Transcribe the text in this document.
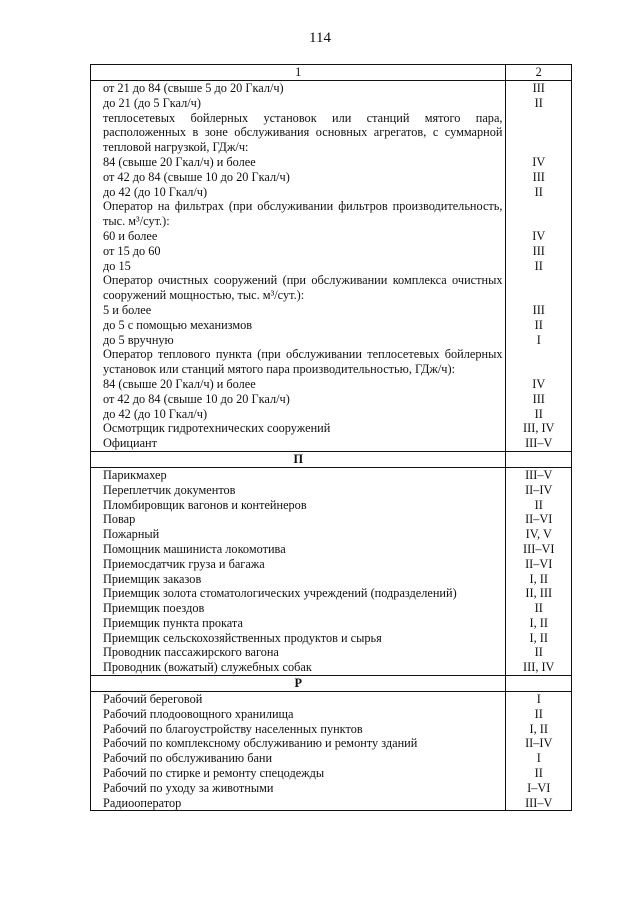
114
1	2
от 21 до 84 (свыше 5 до 20 Гкал/ч)	III
до 21 (до 5 Гкал/ч)	II
теплосетевых бойлерных установок или станций мятого пара, расположенных в зоне обслуживания основных агрегатов, с суммарной тепловой нагрузкой, ГДж/ч:	
84 (свыше 20 Гкал/ч) и более	IV
от 42 до 84 (свыше 10 до 20 Гкал/ч)	III
до 42 (до 10 Гкал/ч)	II
Оператор на фильтрах (при обслуживании фильтров производительность, тыс. м³/сут.):	
60 и более	IV
от 15 до 60	III
до 15	II
Оператор очистных сооружений (при обслуживании комплекса очистных сооружений мощностью, тыс. м³/сут.):	
5 и более	III
до 5 с помощью механизмов	II
до 5 вручную	I
Оператор теплового пункта (при обслуживании теплосетевых бойлерных установок или станций мятого пара производительностью, ГДж/ч):	
84 (свыше 20 Гкал/ч) и более	IV
от 42 до 84 (свыше 10 до 20 Гкал/ч)	III
до 42 (до 10 Гкал/ч)	II
Осмотрщик гидротехнических сооружений	III, IV
Официант	III–V
П	
Парикмахер	III–V
Переплетчик документов	II–IV
Пломбировщик вагонов и контейнеров	II
Повар	II–VI
Пожарный	IV, V
Помощник машиниста локомотива	III–VI
Приемосдатчик груза и багажа	II–VI
Приемщик заказов	I, II
Приемщик золота стоматологических учреждений (подразделений)	II, III
Приемщик поездов	II
Приемщик пункта проката	I, II
Приемщик сельскохозяйственных продуктов и сырья	I, II
Проводник пассажирского вагона	II
Проводник (вожатый) служебных собак	III, IV
Р	
Рабочий береговой	I
Рабочий плодоовощного хранилища	II
Рабочий по благоустройству населенных пунктов	I, II
Рабочий по комплексному обслуживанию и ремонту зданий	II–IV
Рабочий по обслуживанию бани	I
Рабочий по стирке и ремонту спецодежды	II
Рабочий по уходу за животными	I–VI
Радиооператор	III–V
